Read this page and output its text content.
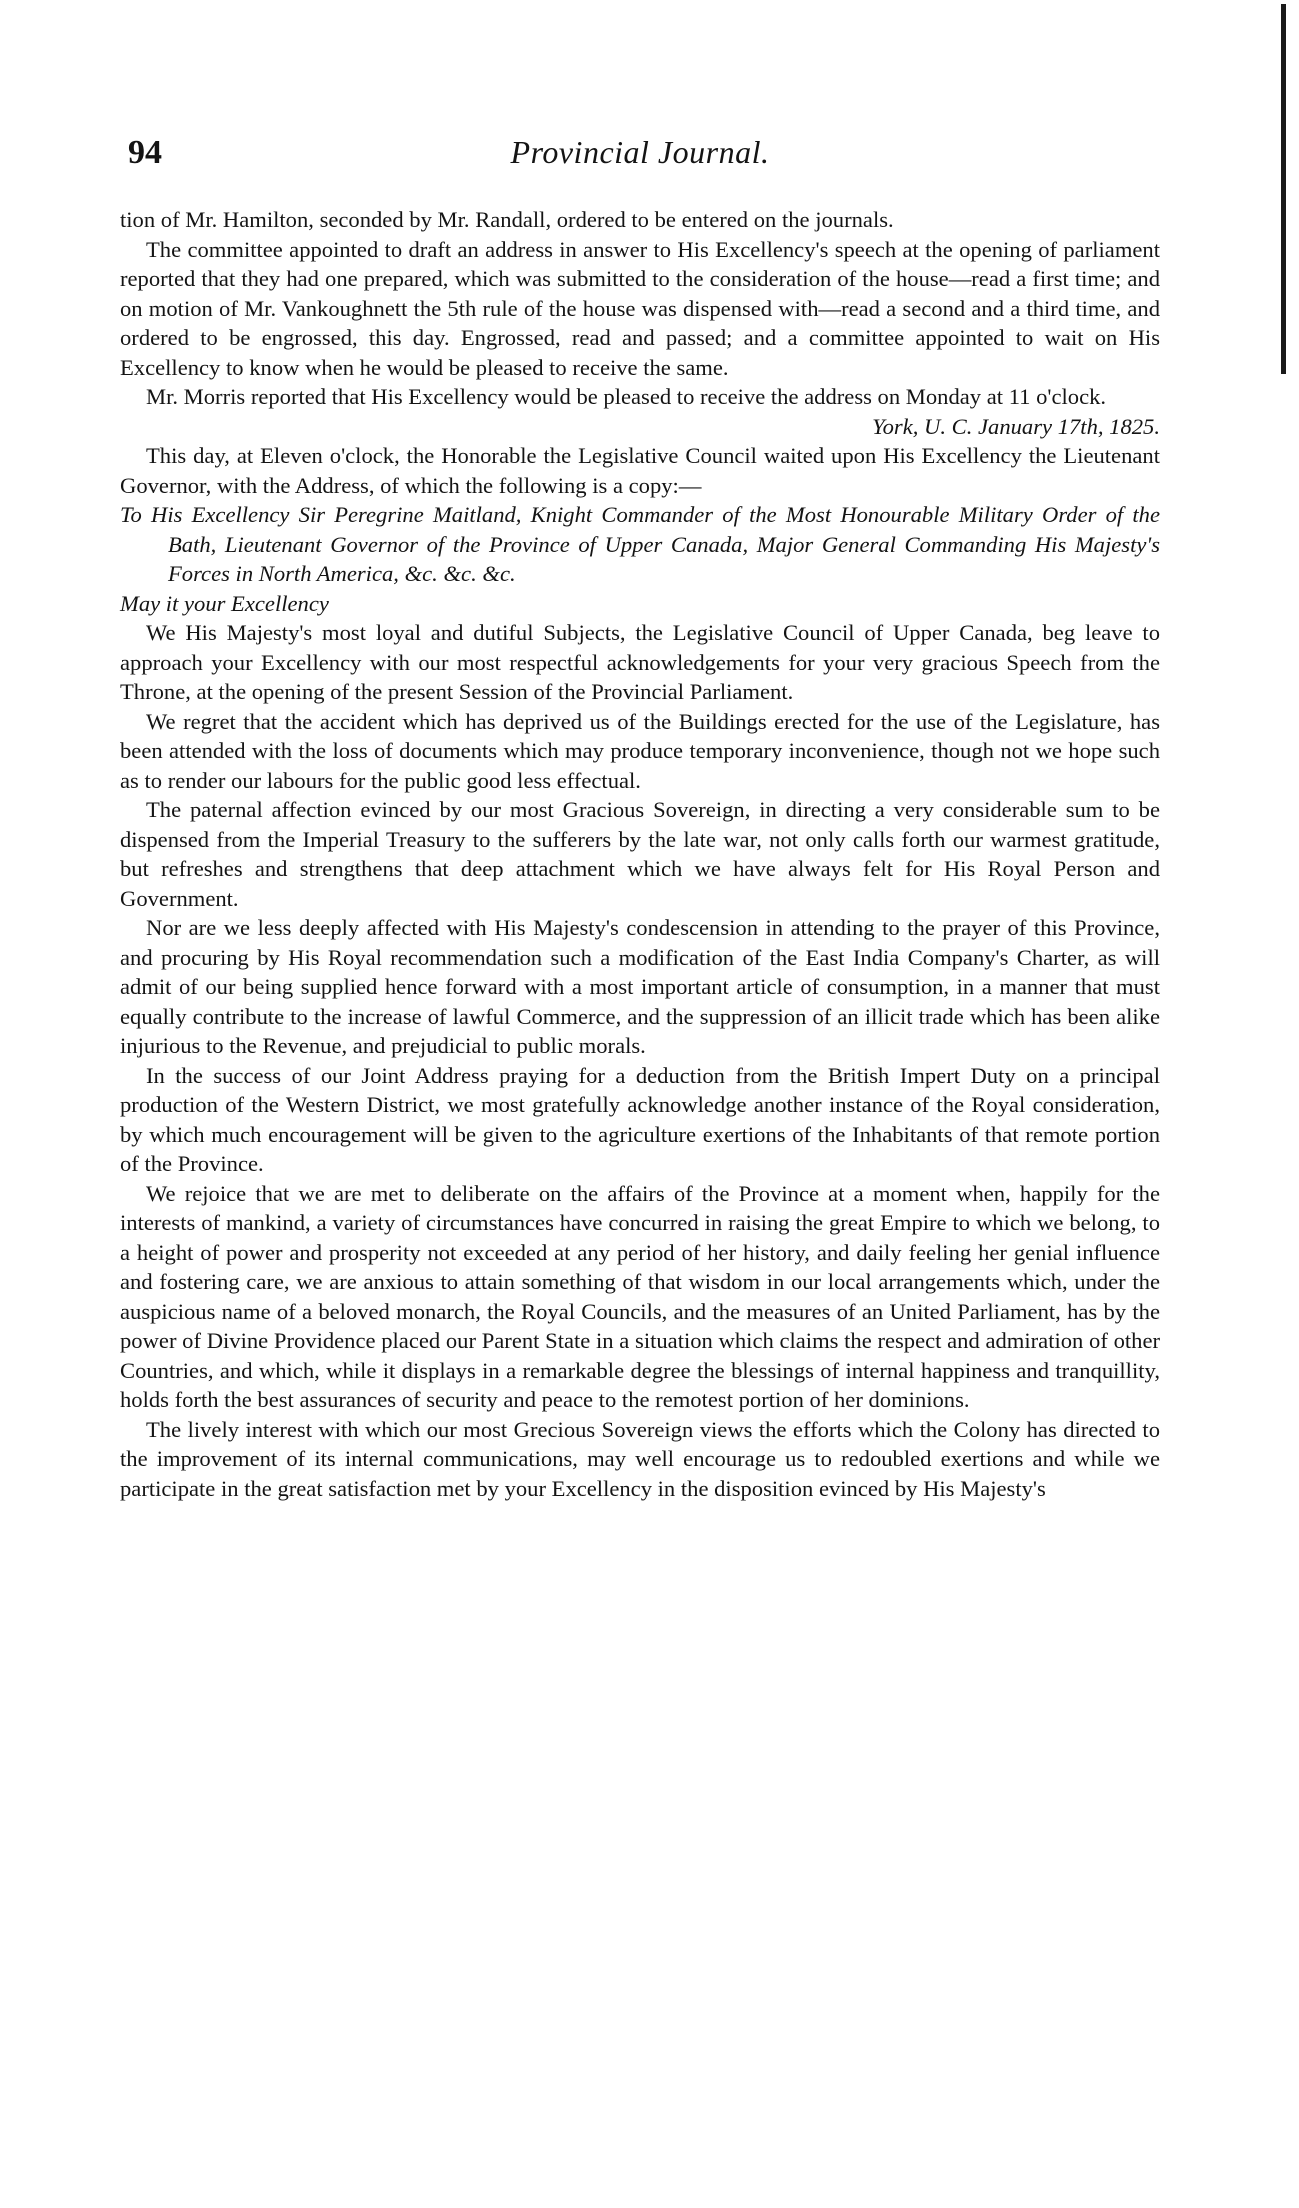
94	Provincial Journal.

tion of Mr. Hamilton, seconded by Mr. Randall, ordered to be entered on the journals.

The committee appointed to draft an address in answer to His Excellency's speech at the opening of parliament reported that they had one prepared, which was submitted to the consideration of the house—read a first time; and on motion of Mr. Vankoughnett the 5th rule of the house was dispensed with—read a second and a third time, and ordered to be engrossed, this day. Engrossed, read and passed; and a committee appointed to wait on His Excellency to know when he would be pleased to receive the same.

Mr. Morris reported that His Excellency would be pleased to receive the address on Monday at 11 o'clock.

York, U. C. January 17th, 1825.

This day, at Eleven o'clock, the Honorable the Legislative Council waited upon His Excellency the Lieutenant Governor, with the Address, of which the following is a copy:—

To His Excellency Sir Peregrine Maitland, Knight Commander of the Most Honourable Military Order of the Bath, Lieutenant Governor of the Province of Upper Canada, Major General Commanding His Majesty's Forces in North America, &c. &c. &c.

May it your Excellency

We His Majesty's most loyal and dutiful Subjects, the Legislative Council of Upper Canada, beg leave to approach your Excellency with our most respectful acknowledgements for your very gracious Speech from the Throne, at the opening of the present Session of the Provincial Parliament.

We regret that the accident which has deprived us of the Buildings erected for the use of the Legislature, has been attended with the loss of documents which may produce temporary inconvenience, though not we hope such as to render our labours for the public good less effectual.

The paternal affection evinced by our most Gracious Sovereign, in directing a very considerable sum to be dispensed from the Imperial Treasury to the sufferers by the late war, not only calls forth our warmest gratitude, but refreshes and strengthens that deep attachment which we have always felt for His Royal Person and Government.

Nor are we less deeply affected with His Majesty's condescension in attending to the prayer of this Province, and procuring by His Royal recommendation such a modification of the East India Company's Charter, as will admit of our being supplied hence forward with a most important article of consumption, in a manner that must equally contribute to the increase of lawful Commerce, and the suppression of an illicit trade which has been alike injurious to the Revenue, and prejudicial to public morals.

In the success of our Joint Address praying for a deduction from the British Impert Duty on a principal production of the Western District, we most gratefully acknowledge another instance of the Royal consideration, by which much encouragement will be given to the agriculture exertions of the Inhabitants of that remote portion of the Province.

We rejoice that we are met to deliberate on the affairs of the Province at a moment when, happily for the interests of mankind, a variety of circumstances have concurred in raising the great Empire to which we belong, to a height of power and prosperity not exceeded at any period of her history, and daily feeling her genial influence and fostering care, we are anxious to attain something of that wisdom in our local arrangements which, under the auspicious name of a beloved monarch, the Royal Councils, and the measures of an United Parliament, has by the power of Divine Providence placed our Parent State in a situation which claims the respect and admiration of other Countries, and which, while it displays in a remarkable degree the blessings of internal happiness and tranquillity, holds forth the best assurances of security and peace to the remotest portion of her dominions.

The lively interest with which our most Grecious Sovereign views the efforts which the Colony has directed to the improvement of its internal communications, may well encourage us to redoubled exertions and while we participate in the great satisfaction met by your Excellency in the disposition evinced by His Majesty's
